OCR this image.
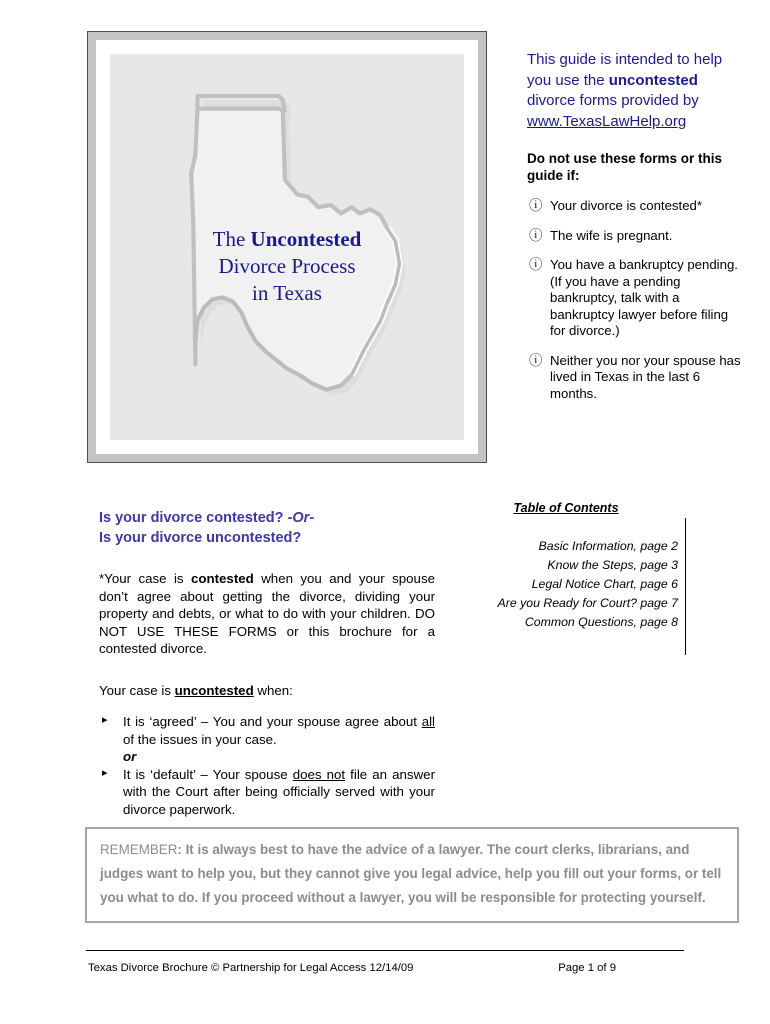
The Uncontested
Divorce Process
in Texas

This guide is intended to help you use the uncontested divorce forms provided by www.TexasLawHelp.org

Do not use these forms or this guide if:

ⓘ Your divorce is contested*
ⓘ The wife is pregnant.
ⓘ You have a bankruptcy pending. (If you have a pending bankruptcy, talk with a bankruptcy lawyer before filing for divorce.)
ⓘ Neither you nor your spouse has lived in Texas in the last 6 months.
Is your divorce contested? -Or-
Is your divorce uncontested?

*Your case is contested when you and your spouse don’t agree about getting the divorce, dividing your property and debts, or what to do with your children. DO NOT USE THESE FORMS or this brochure for a contested divorce.

Your case is uncontested when:

▸ It is ‘agreed’ – You and your spouse agree about all of the issues in your case.
or
▸ It is ‘default’ – Your spouse does not file an answer with the Court after being officially served with your divorce paperwork.

Table of Contents

Basic Information, page 2
Know the Steps, page 3
Legal Notice Chart, page 6
Are you Ready for Court? page 7
Common Questions, page 8

REMEMBER: It is always best to have the advice of a lawyer. The court clerks, librarians, and judges want to help you, but they cannot give you legal advice, help you fill out your forms, or tell you what to do. If you proceed without a lawyer, you will be responsible for protecting yourself.

Texas Divorce Brochure © Partnership for Legal Access 12/14/09	Page 1 of 9
